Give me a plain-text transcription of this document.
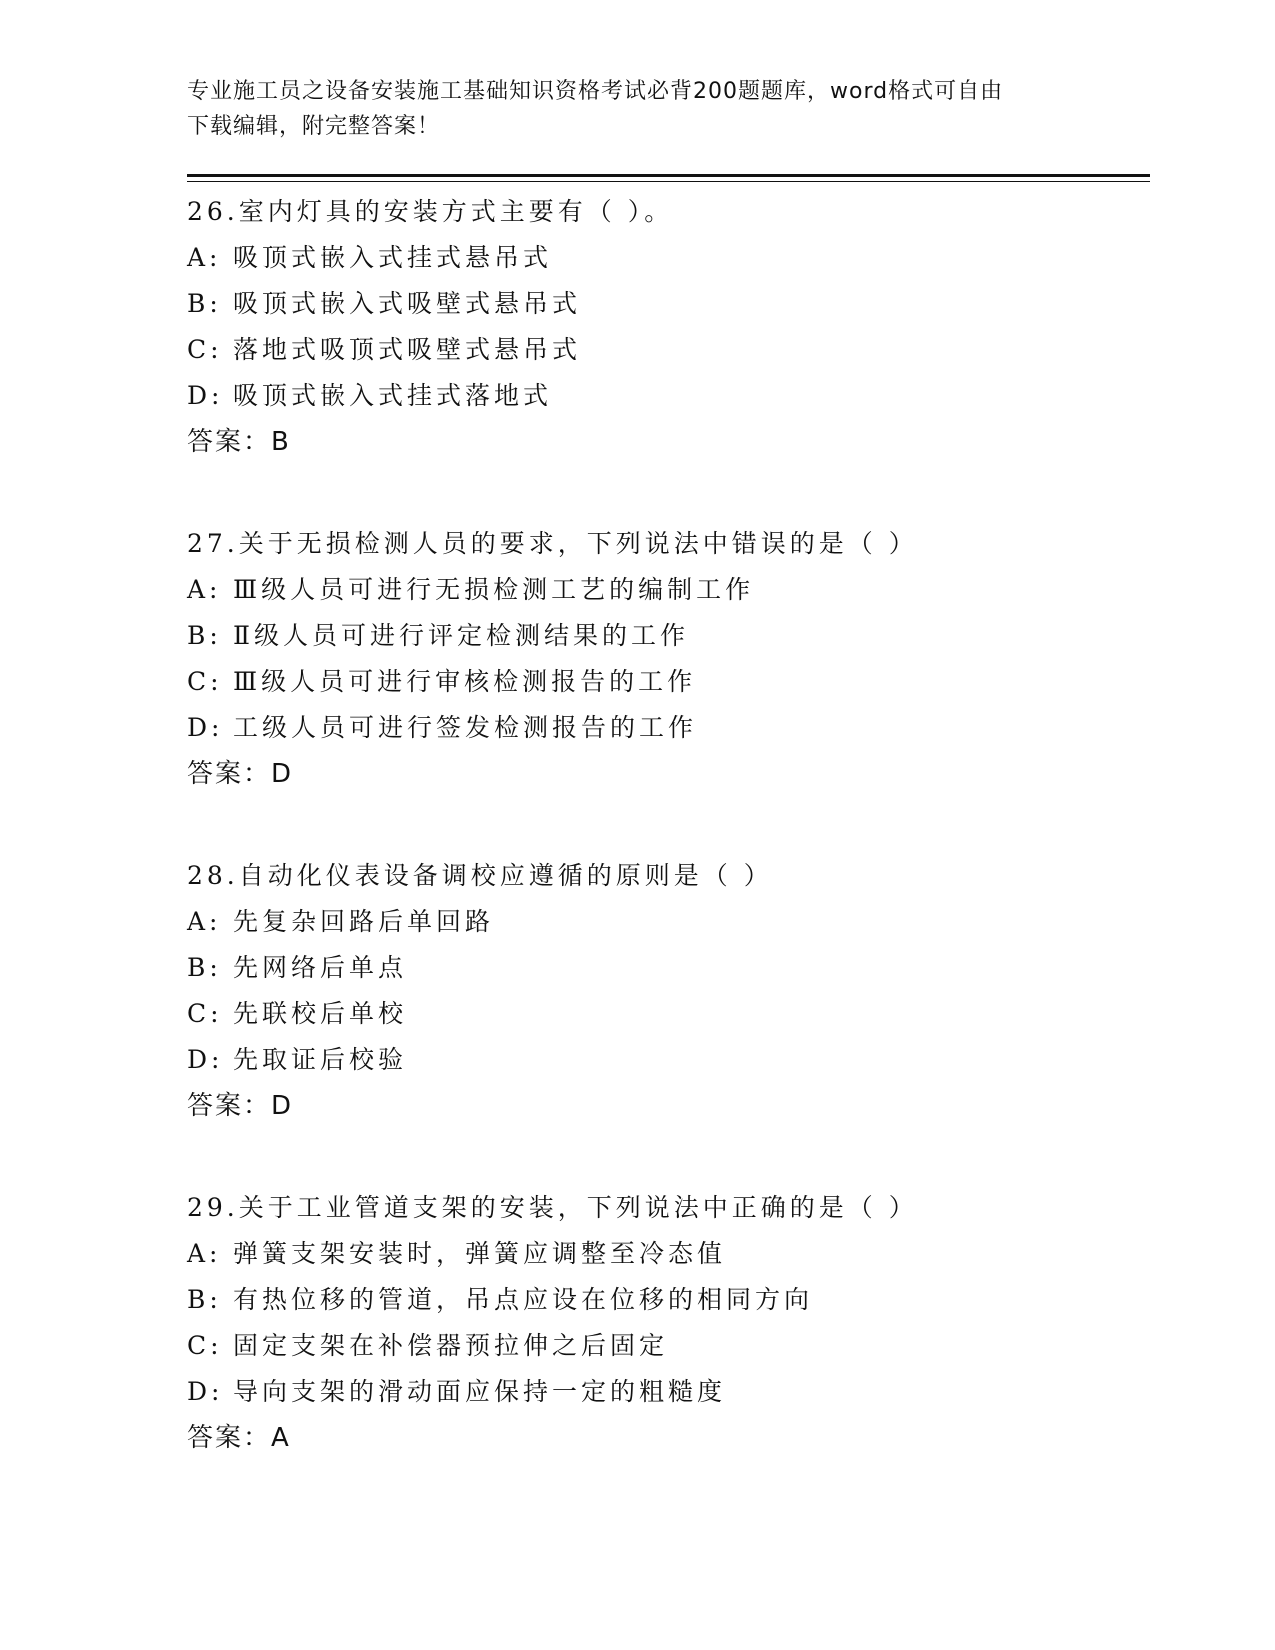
专业施工员之设备安装施工基础知识资格考试必背200题题库，word格式可自由

下载编辑，附完整答案！

26.室内灯具的安装方式主要有（ ）。
A: 吸顶式嵌入式挂式悬吊式
B: 吸顶式嵌入式吸壁式悬吊式
C: 落地式吸顶式吸壁式悬吊式
D: 吸顶式嵌入式挂式落地式
答案：B
27.关于无损检测人员的要求，下列说法中错误的是（ ）
A: Ⅲ级人员可进行无损检测工艺的编制工作
B: Ⅱ级人员可进行评定检测结果的工作
C: Ⅲ级人员可进行审核检测报告的工作
D: 工级人员可进行签发检测报告的工作
答案：D
28.自动化仪表设备调校应遵循的原则是（ ）
A: 先复杂回路后单回路
B: 先网络后单点
C: 先联校后单校
D: 先取证后校验
答案：D
29.关于工业管道支架的安装，下列说法中正确的是（ ）
A: 弹簧支架安装时，弹簧应调整至冷态值
B: 有热位移的管道，吊点应设在位移的相同方向
C: 固定支架在补偿器预拉伸之后固定
D: 导向支架的滑动面应保持一定的粗糙度
答案：A
